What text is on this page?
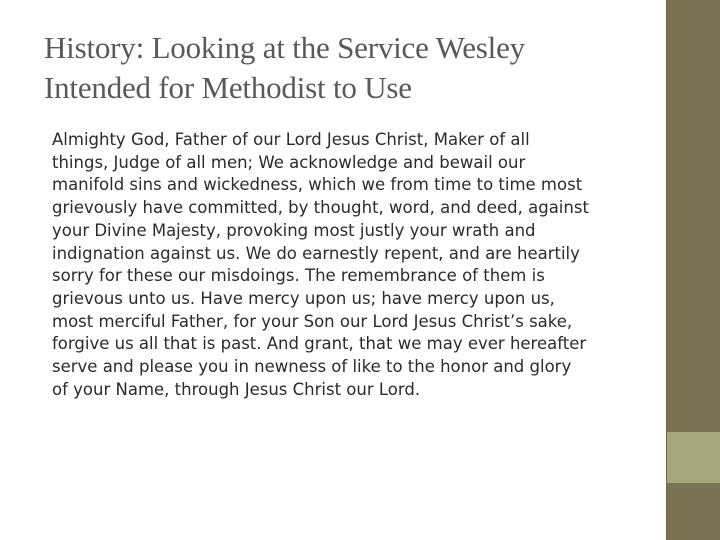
History: Looking at the Service Wesley
Intended for Methodist to Use
Almighty God, Father of our Lord Jesus Christ, Maker of all
things, Judge of all men; We acknowledge and bewail our
manifold sins and wickedness, which we from time to time most
grievously have committed, by thought, word, and deed, against
your Divine Majesty, provoking most justly your wrath and
indignation against us. We do earnestly repent, and are heartily
sorry for these our misdoings. The remembrance of them is
grievous unto us. Have mercy upon us; have mercy upon us,
most merciful Father, for your Son our Lord Jesus Christ’s sake,
forgive us all that is past. And grant, that we may ever hereafter
serve and please you in newness of like to the honor and glory
of your Name, through Jesus Christ our Lord.
